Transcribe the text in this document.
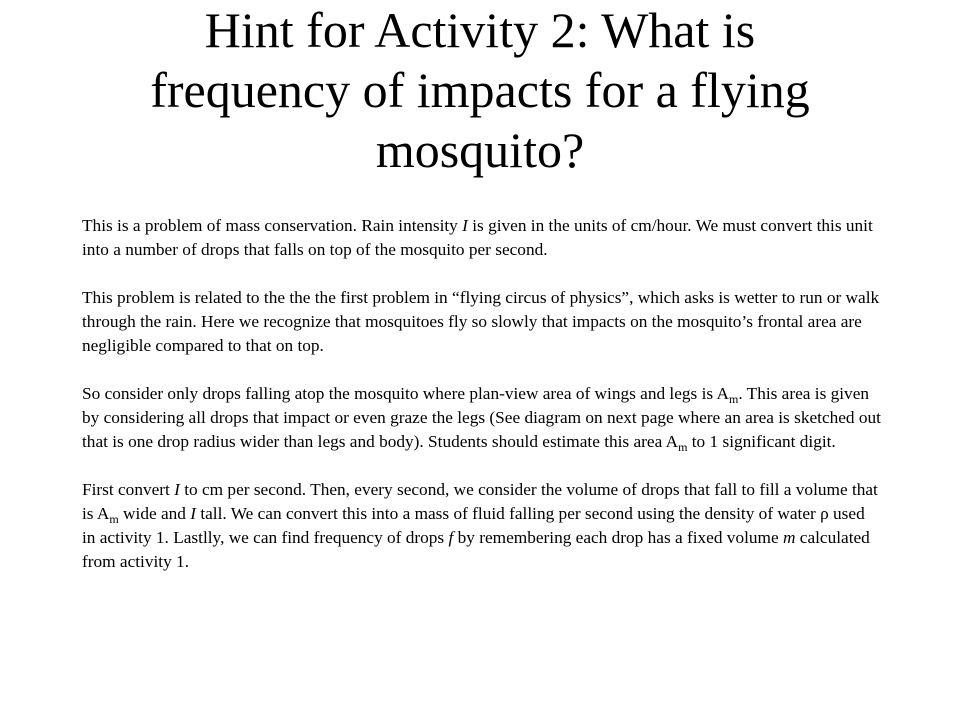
Hint for Activity 2: What is
frequency of impacts for a flying
mosquito?

This is a problem of mass conservation. Rain intensity I is given in the units of cm/hour. We must convert this unit into a number of drops that falls on top of the mosquito per second.

This problem is related to the the the first problem in “flying circus of physics”, which asks is wetter to run or walk through the rain. Here we recognize that mosquitoes fly so slowly that impacts on the mosquito’s frontal area are negligible compared to that on top.

So consider only drops falling atop the mosquito where plan-view area of wings and legs is $A_m$. This area is given by considering all drops that impact or even graze the legs (See diagram on next page where an area is sketched out that is one drop radius wider than legs and body). Students should estimate this area $A_m$ to 1 significant digit.

First convert I to cm per second. Then, every second, we consider the volume of drops that fall to fill a volume that is $A_m$ wide and I tall. We can convert this into a mass of fluid falling per second using the density of water ρ used in activity 1. Lastlly, we can find frequency of drops f by remembering each drop has a fixed volume m calculated from activity 1.
